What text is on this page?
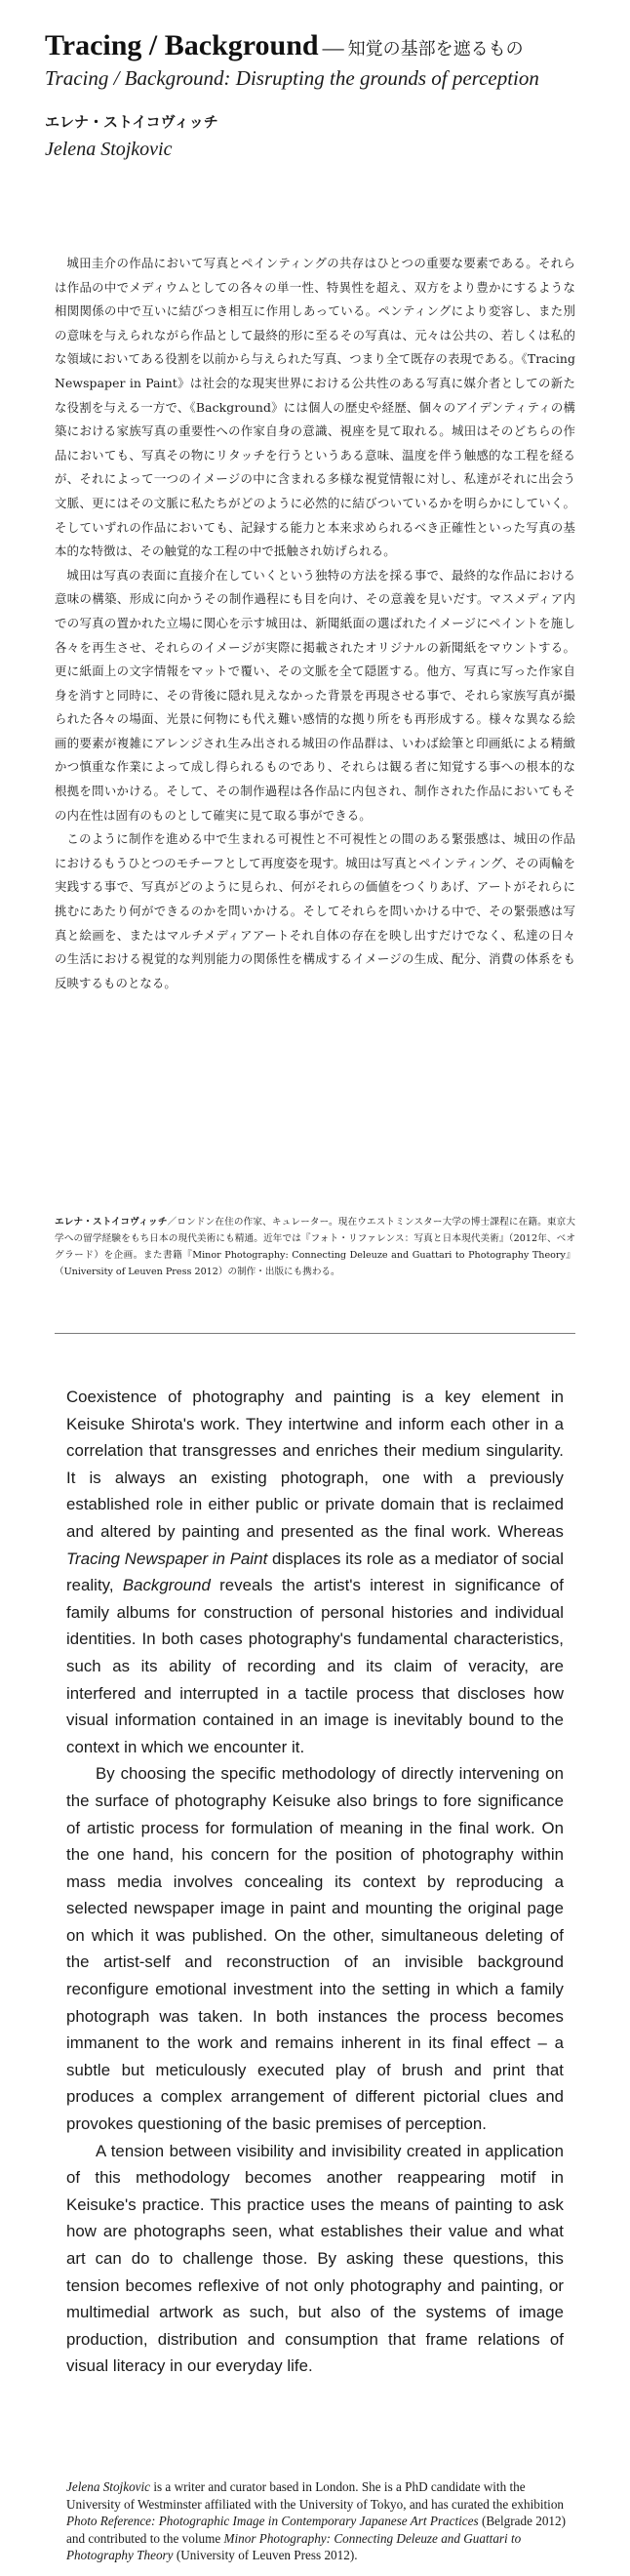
Tracing / Background — 知覚の基部を遮るもの
Tracing / Background: Disrupting the grounds of perception
エレナ・ストイコヴィッチ
Jelena Stojkovic

城田圭介の作品において写真とペインティングの共存はひとつの重要な要素である。それらは作品の中でメディウムとしての各々の単一性、特異性を超え、双方をより豊かにするような相関関係の中で互いに結びつき相互に作用しあっている。ペンティングにより変容し、また別の意味を与えられながら作品として最終的形に至るその写真は、元々は公共の、若しくは私的な領域においてある役割を以前から与えられた写真、つまり全て既存の表現である。《Tracing Newspaper in Paint》は社会的な現実世界における公共性のある写真に媒介者としての新たな役割を与える一方で、《Background》には個人の歴史や経歴、個々のアイデンティティの構築における家族写真の重要性への作家自身の意識、視座を見て取れる。城田はそのどちらの作品においても、写真その物にリタッチを行うというある意味、温度を伴う触感的な工程を経るが、それによって一つのイメージの中に含まれる多様な視覚情報に対し、私達がそれに出会う文脈、更にはその文脈に私たちがどのように必然的に結びついているかを明らかにしていく。そしていずれの作品においても、記録する能力と本来求められるべき正確性といった写真の基本的な特徴は、その触覚的な工程の中で抵触され妨げられる。

城田は写真の表面に直接介在していくという独特の方法を採る事で、最終的な作品における意味の構築、形成に向かうその制作過程にも目を向け、その意義を見いだす。マスメディア内での写真の置かれた立場に関心を示す城田は、新聞紙面の選ばれたイメージにペイントを施し各々を再生させ、それらのイメージが実際に掲載されたオリジナルの新聞紙をマウントする。更に紙面上の文字情報をマットで覆い、その文脈を全て隠匿する。他方、写真に写った作家自身を消すと同時に、その背後に隠れ見えなかった背景を再現させる事で、それら家族写真が撮られた各々の場面、光景に何物にも代え難い感情的な拠り所をも再形成する。様々な異なる絵画的要素が複雑にアレンジされ生み出される城田の作品群は、いわば絵筆と印画紙による精緻かつ慎重な作業によって成し得られるものであり、それらは観る者に知覚する事への根本的な根拠を問いかける。そして、その制作過程は各作品に内包され、制作された作品においてもその内在性は固有のものとして確実に見て取る事ができる。

このように制作を進める中で生まれる可視性と不可視性との間のある緊張感は、城田の作品におけるもうひとつのモチーフとして再度姿を現す。城田は写真とペインティング、その両輪を実践する事で、写真がどのように見られ、何がそれらの価値をつくりあげ、アートがそれらに挑むにあたり何ができるのかを問いかける。そしてそれらを問いかける中で、その緊張感は写真と絵画を、またはマルチメディアアートそれ自体の存在を映し出すだけでなく、私達の日々の生活における視覚的な判別能力の関係性を構成するイメージの生成、配分、消費の体系をも反映するものとなる。

エレナ・ストイコヴィッチ／ロンドン在住の作家、キュレーター。現在ウエストミンスター大学の博士課程に在籍。東京大学への留学経験をもち日本の現代美術にも精通。近年では『フォト・リファレンス：写真と日本現代美術』（2012年、ベオグラード）を企画。また書籍『Minor Photography: Connecting Deleuze and Guattari to Photography Theory』（University of Leuven Press 2012）の制作・出版にも携わる。

Coexistence of photography and painting is a key element in Keisuke Shirota's work. They intertwine and inform each other in a correlation that transgresses and enriches their medium singularity. It is always an existing photograph, one with a previously established role in either public or private domain that is reclaimed and altered by painting and presented as the final work. Whereas Tracing Newspaper in Paint displaces its role as a mediator of social reality, Background reveals the artist's interest in significance of family albums for construction of personal histories and individual identities. In both cases photography's fundamental characteristics, such as its ability of recording and its claim of veracity, are interfered and interrupted in a tactile process that discloses how visual information contained in an image is inevitably bound to the context in which we encounter it.

By choosing the specific methodology of directly intervening on the surface of photography Keisuke also brings to fore significance of artistic process for formulation of meaning in the final work. On the one hand, his concern for the position of photography within mass media involves concealing its context by reproducing a selected newspaper image in paint and mounting the original page on which it was published. On the other, simultaneous deleting of the artist-self and reconstruction of an invisible background reconfigure emotional investment into the setting in which a family photograph was taken. In both instances the process becomes immanent to the work and remains inherent in its final effect – a subtle but meticulously executed play of brush and print that produces a complex arrangement of different pictorial clues and provokes questioning of the basic premises of perception.

A tension between visibility and invisibility created in application of this methodology becomes another reappearing motif in Keisuke's practice. This practice uses the means of painting to ask how are photographs seen, what establishes their value and what art can do to challenge those. By asking these questions, this tension becomes reflexive of not only photography and painting, or multimedial artwork as such, but also of the systems of image production, distribution and consumption that frame relations of visual literacy in our everyday life.

Jelena Stojkovic is a writer and curator based in London. She is a PhD candidate with the University of Westminster affiliated with the University of Tokyo, and has curated the exhibition Photo Reference: Photographic Image in Contemporary Japanese Art Practices (Belgrade 2012) and contributed to the volume Minor Photography: Connecting Deleuze and Guattari to Photography Theory (University of Leuven Press 2012).
